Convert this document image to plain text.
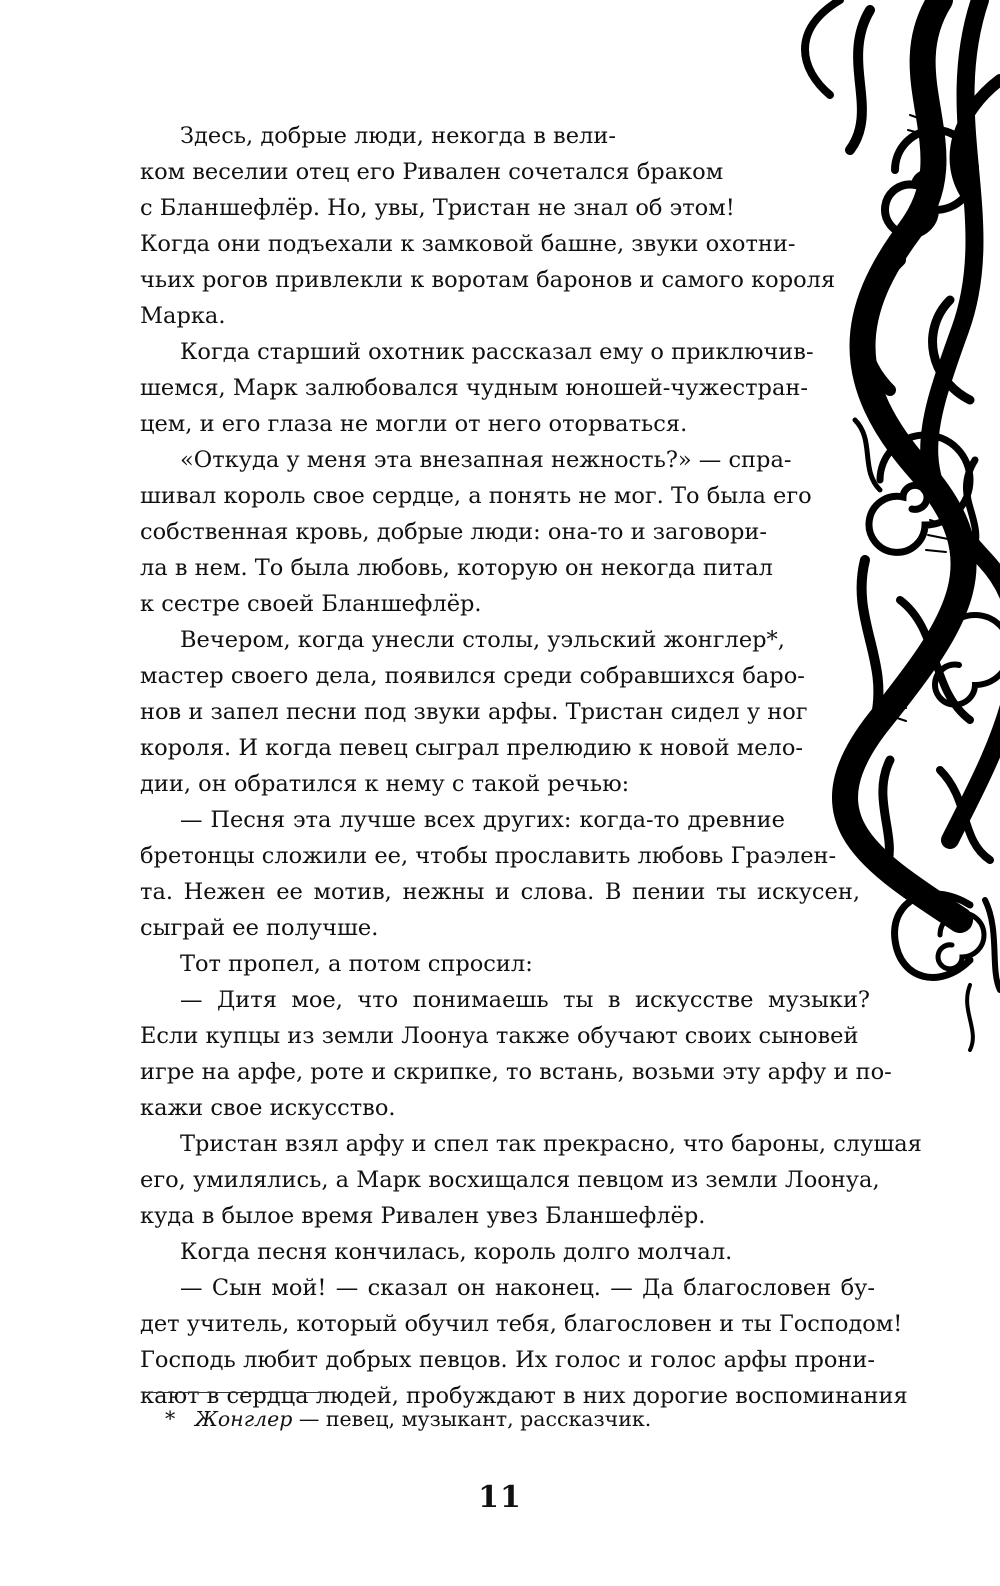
Здесь, добрые люди, некогда в вели-
ком веселии отец его Ривален сочетался браком
с Бланшефлёр. Но, увы, Тристан не знал об этом!
Когда они подъехали к замковой башне, звуки охотни-
чьих рогов привлекли к воротам баронов и самого короля
Марка.
Когда старший охотник рассказал ему о приключив-
шемся, Марк залюбовался чудным юношей-чужестран-
цем, и его глаза не могли от него оторваться.
«Откуда у меня эта внезапная нежность?» — спра-
шивал король свое сердце, а понять не мог. То была его
собственная кровь, добрые люди: она-то и заговори-
ла в нем. То была любовь, которую он некогда питал
к сестре своей Бланшефлёр.
Вечером, когда унесли столы, уэльский жонглер*,
мастер своего дела, появился среди собравшихся баро-
нов и запел песни под звуки арфы. Тристан сидел у ног
короля. И когда певец сыграл прелюдию к новой мело-
дии, он обратился к нему с такой речью:
— Песня эта лучше всех других: когда-то древние
бретонцы сложили ее, чтобы прославить любовь Граэлен-
та. Нежен ее мотив, нежны и слова. В пении ты искусен,
сыграй ее получше.
Тот пропел, а потом спросил:
— Дитя мое, что понимаешь ты в искусстве музыки?
Если купцы из земли Лоонуа также обучают своих сыновей
игре на арфе, роте и скрипке, то встань, возьми эту арфу и по-
кажи свое искусство.
Тристан взял арфу и спел так прекрасно, что бароны, слушая
его, умилялись, а Марк восхищался певцом из земли Лоонуа,
куда в былое время Ривален увез Бланшефлёр.
Когда песня кончилась, король долго молчал.
— Сын мой! — сказал он наконец. — Да благословен бу-
дет учитель, который обучил тебя, благословен и ты Господом!
Господь любит добрых певцов. Их голос и голос арфы прони-
кают в сердца людей, пробуждают в них дорогие воспоминания
* Жонглер — певец, музыкант, рассказчик.
11
